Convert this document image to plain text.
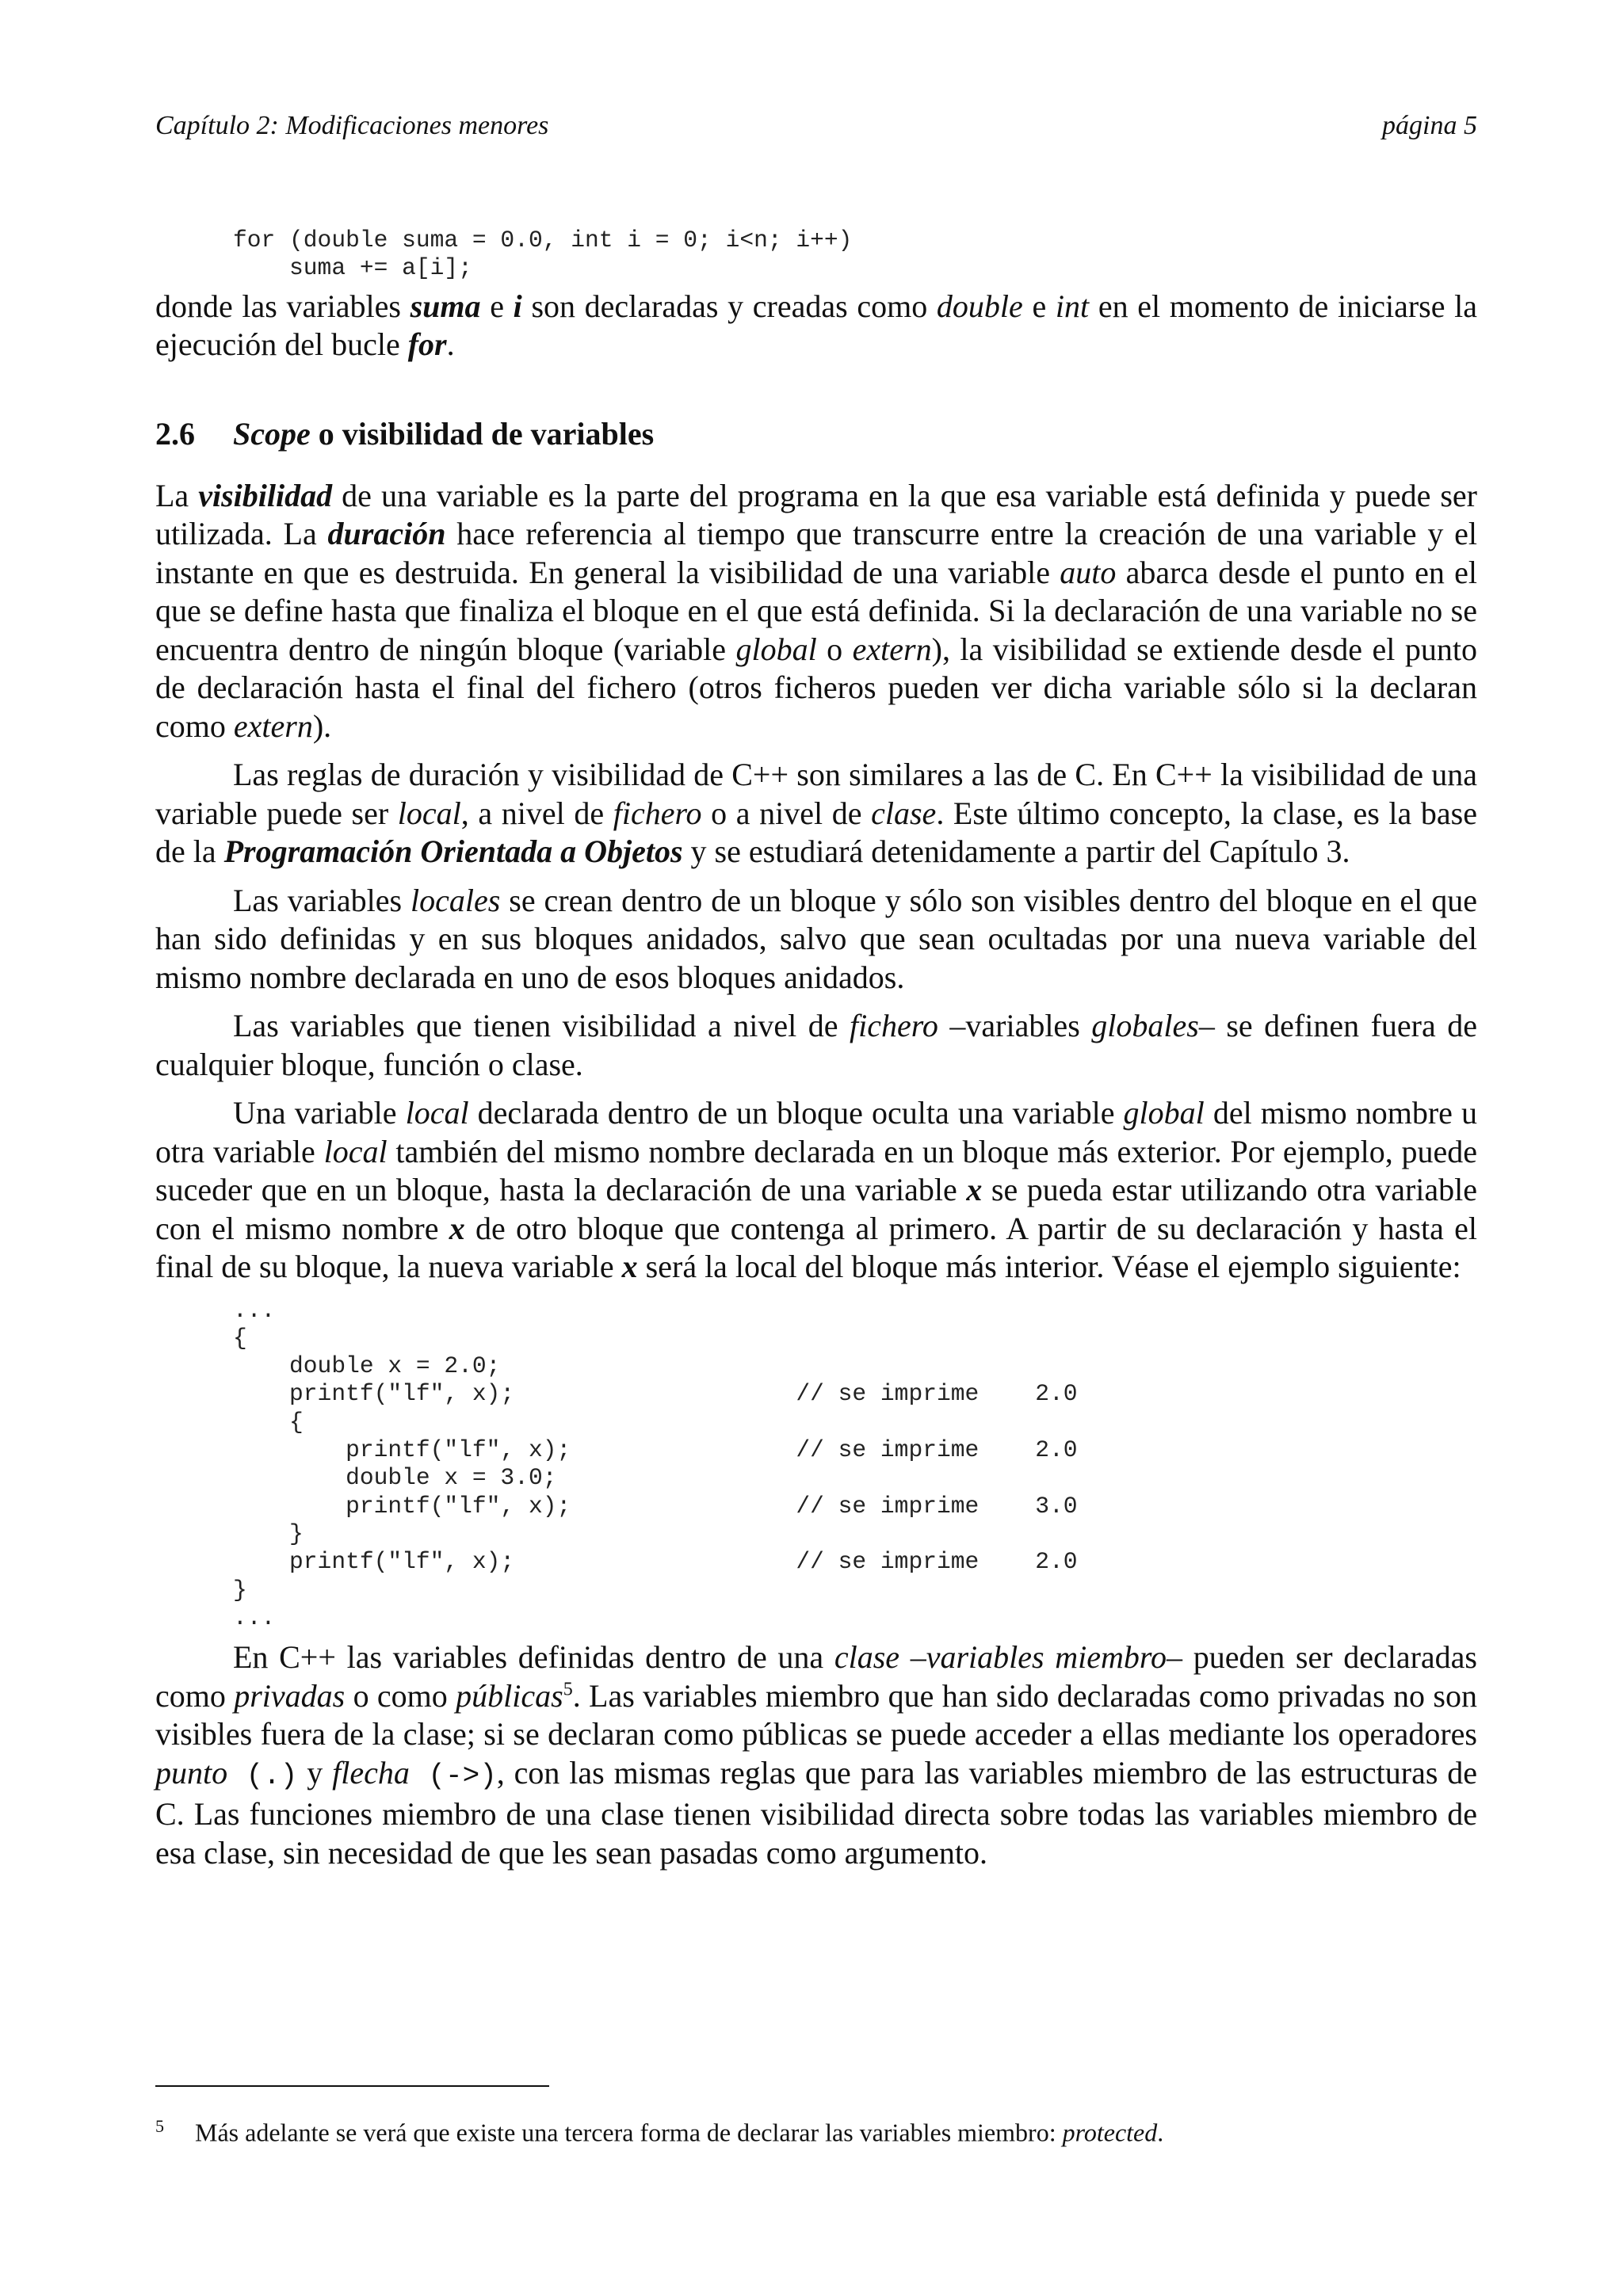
Capítulo 2: Modificaciones menores	página 5
for (double suma = 0.0, int i = 0; i<n; i++)
suma += a[i];

donde las variables suma e i son declaradas y creadas como double e int en el momento de iniciarse la ejecución del bucle for.

2.6	Scope o visibilidad de variables

La visibilidad de una variable es la parte del programa en la que esa variable está definida y puede ser utilizada. La duración hace referencia al tiempo que transcurre entre la creación de una variable y el instante en que es destruida. En general la visibilidad de una variable auto abarca desde el punto en el que se define hasta que finaliza el bloque en el que está definida. Si la declaración de una variable no se encuentra dentro de ningún bloque (variable global o extern), la visibilidad se extiende desde el punto de declaración hasta el final del fichero (otros ficheros pueden ver dicha variable sólo si la declaran como extern).

Las reglas de duración y visibilidad de C++ son similares a las de C. En C++ la visibilidad de una variable puede ser local, a nivel de fichero o a nivel de clase. Este último concepto, la clase, es la base de la Programación Orientada a Objetos y se estudiará detenidamente a partir del Capítulo 3.

Las variables locales se crean dentro de un bloque y sólo son visibles dentro del bloque en el que han sido definidas y en sus bloques anidados, salvo que sean ocultadas por una nueva variable del mismo nombre declarada en uno de esos bloques anidados.

Las variables que tienen visibilidad a nivel de fichero –variables globales– se definen fuera de cualquier bloque, función o clase.

Una variable local declarada dentro de un bloque oculta una variable global del mismo nombre u otra variable local también del mismo nombre declarada en un bloque más exterior. Por ejemplo, puede suceder que en un bloque, hasta la declaración de una variable x se pueda estar utilizando otra variable con el mismo nombre x de otro bloque que contenga al primero. A partir de su declaración y hasta el final de su bloque, la nueva variable x será la local del bloque más interior. Véase el ejemplo siguiente:

...
{
double x = 2.0;
printf("lf", x);                    // se imprime    2.0
{
printf("lf", x);                // se imprime    2.0
double x = 3.0;
printf("lf", x);                // se imprime    3.0
}
printf("lf", x);                    // se imprime    2.0
}
...

En C++ las variables definidas dentro de una clase –variables miembro– pueden ser declaradas como privadas o como públicas$^5$. Las variables miembro que han sido declaradas como privadas no son visibles fuera de la clase; si se declaran como públicas se puede acceder a ellas mediante los operadores punto (.) y flecha (->), con las mismas reglas que para las variables miembro de las estructuras de C. Las funciones miembro de una clase tienen visibilidad directa sobre todas las variables miembro de esa clase, sin necesidad de que les sean pasadas como argumento.

5 Más adelante se verá que existe una tercera forma de declarar las variables miembro: protected.
